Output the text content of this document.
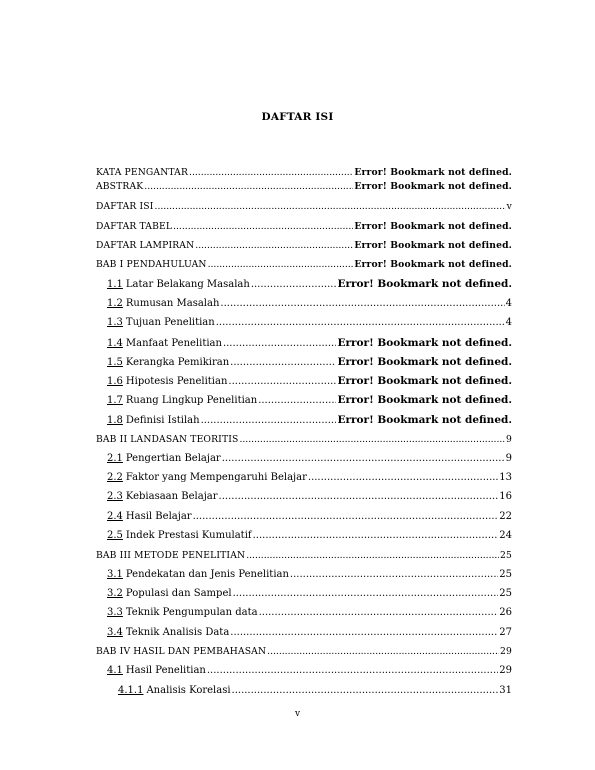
DAFTAR ISI
KATA PENGANTAR .....	Error! Bookmark not defined.
ABSTRAK .....	Error! Bookmark not defined.
DAFTAR ISI .....	v
DAFTAR TABEL .....	Error! Bookmark not defined.
DAFTAR LAMPIRAN .....	Error! Bookmark not defined.
BAB I PENDAHULUAN .....	Error! Bookmark not defined.
1.1 Latar Belakang Masalah .....	Error! Bookmark not defined.
1.2 Rumusan Masalah .....	4
1.3 Tujuan Penelitian .....	4
1.4 Manfaat Penelitian .....	Error! Bookmark not defined.
1.5 Kerangka Pemikiran .....	Error! Bookmark not defined.
1.6 Hipotesis Penelitian .....	Error! Bookmark not defined.
1.7 Ruang Lingkup Penelitian .....	Error! Bookmark not defined.
1.8 Definisi Istilah .....	Error! Bookmark not defined.
BAB II LANDASAN TEORITIS .....	9
2.1 Pengertian Belajar .....	9
2.2 Faktor yang Mempengaruhi Belajar .....	13
2.3 Kebiasaan Belajar .....	16
2.4 Hasil Belajar .....	22
2.5 Indek Prestasi Kumulatif .....	24
BAB III METODE PENELITIAN .....	25
3.1 Pendekatan dan Jenis Penelitian .....	25
3.2 Populasi dan Sampel .....	25
3.3 Teknik Pengumpulan data .....	26
3.4 Teknik Analisis Data .....	27
BAB IV HASIL DAN PEMBAHASAN .....	29
4.1 Hasil Penelitian .....	29
4.1.1 Analisis Korelasi .....	31
v
